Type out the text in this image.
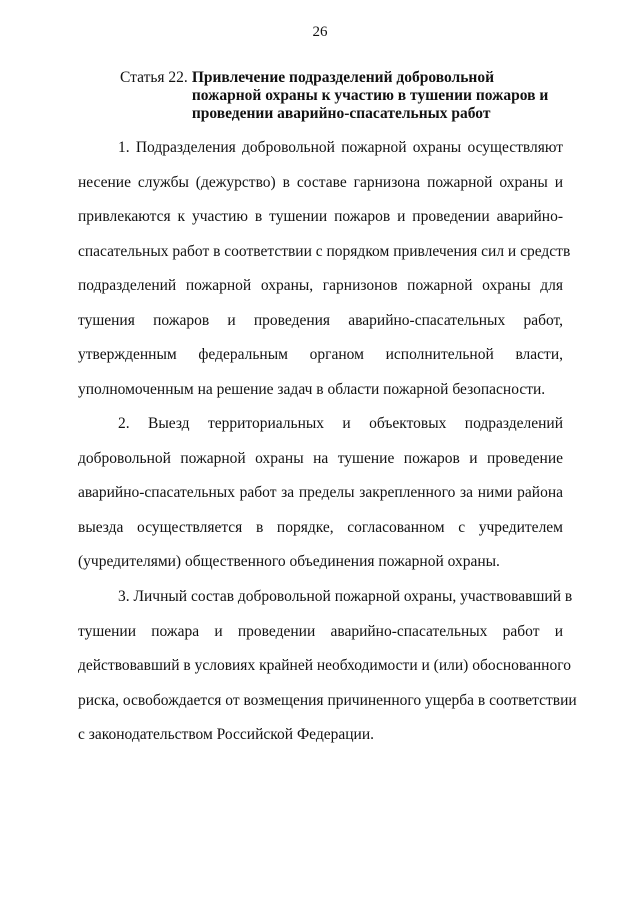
26
Статья 22. Привлечение подразделений добровольной пожарной охраны к участию в тушении пожаров и проведении аварийно-спасательных работ
1. Подразделения добровольной пожарной охраны осуществляют
несение службы (дежурство) в составе гарнизона пожарной охраны и
привлекаются к участию в тушении пожаров и проведении аварийно-
спасательных работ в соответствии с порядком привлечения сил и средств
подразделений пожарной охраны, гарнизонов пожарной охраны для
тушения пожаров и проведения аварийно-спасательных работ,
утвержденным федеральным органом исполнительной власти,
уполномоченным на решение задач в области пожарной безопасности.
2. Выезд территориальных и объектовых подразделений
добровольной пожарной охраны на тушение пожаров и проведение
аварийно-спасательных работ за пределы закрепленного за ними района
выезда осуществляется в порядке, согласованном с учредителем
(учредителями) общественного объединения пожарной охраны.
3. Личный состав добровольной пожарной охраны, участвовавший в
тушении пожара и проведении аварийно-спасательных работ и
действовавший в условиях крайней необходимости и (или) обоснованного
риска, освобождается от возмещения причиненного ущерба в соответствии
с законодательством Российской Федерации.
